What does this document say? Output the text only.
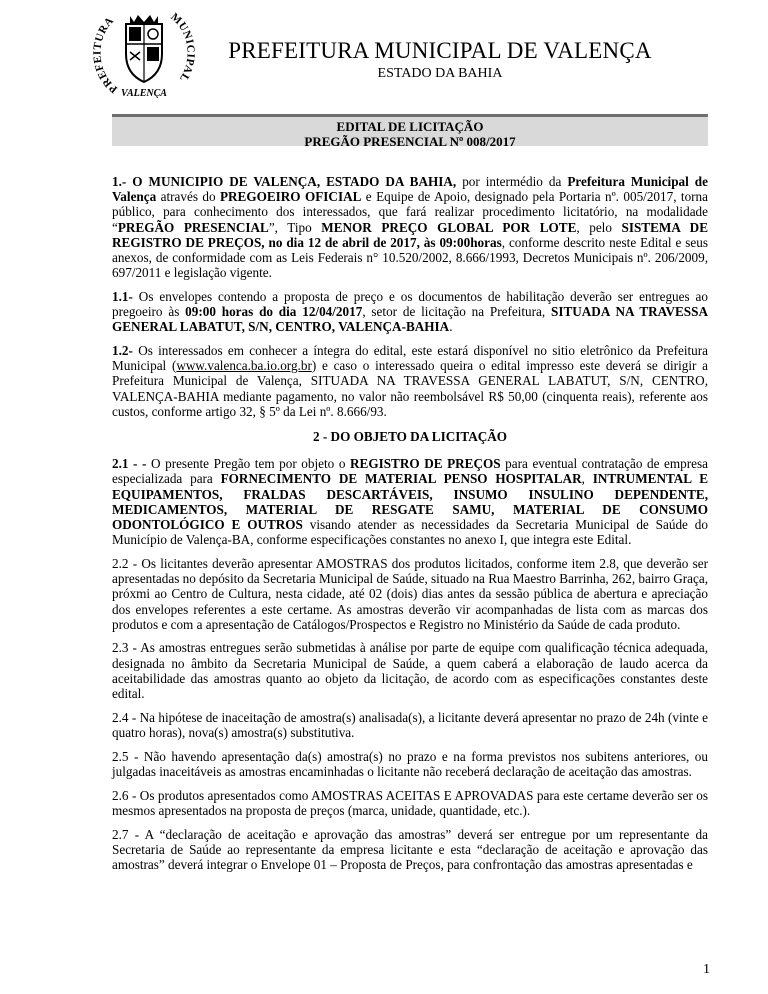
PREFEITURA	MUNICIPAL
VALENÇA
PREFEITURA MUNICIPAL DE VALENÇA
ESTADO DA BAHIA
EDITAL DE LICITAÇÃO
PREGÃO PRESENCIAL Nº 008/2017

1.- O MUNICIPIO DE VALENÇA, ESTADO DA BAHIA, por intermédio da Prefeitura Municipal de Valença através do PREGOEIRO OFICIAL e Equipe de Apoio, designado pela Portaria nº. 005/2017, torna público, para conhecimento dos interessados, que fará realizar procedimento licitatório, na modalidade “PREGÃO PRESENCIAL”, Tipo MENOR PREÇO GLOBAL POR LOTE, pelo SISTEMA DE REGISTRO DE PREÇOS, no dia 12 de abril de 2017, às 09:00horas, conforme descrito neste Edital e seus anexos, de conformidade com as Leis Federais n° 10.520/2002, 8.666/1993, Decretos Municipais nº. 206/2009, 697/2011 e legislação vigente.

1.1- Os envelopes contendo a proposta de preço e os documentos de habilitação deverão ser entregues ao pregoeiro às 09:00 horas do dia 12/04/2017, setor de licitação na Prefeitura, SITUADA NA TRAVESSA GENERAL LABATUT, S/N, CENTRO, VALENÇA-BAHIA.

1.2- Os interessados em conhecer a íntegra do edital, este estará disponível no sitio eletrônico da Prefeitura Municipal (www.valenca.ba.io.org.br) e caso o interessado queira o edital impresso este deverá se dirigir a Prefeitura Municipal de Valença, SITUADA NA TRAVESSA GENERAL LABATUT, S/N, CENTRO, VALENÇA-BAHIA mediante pagamento, no valor não reembolsável R$ 50,00 (cinquenta reais), referente aos custos, conforme artigo 32, § 5º da Lei nº. 8.666/93.

2 - DO OBJETO DA LICITAÇÃO

2.1 - - O presente Pregão tem por objeto o REGISTRO DE PREÇOS para eventual contratação de empresa especializada para FORNECIMENTO DE MATERIAL PENSO HOSPITALAR, INTRUMENTAL E EQUIPAMENTOS, FRALDAS DESCARTÁVEIS, INSUMO INSULINO DEPENDENTE, MEDICAMENTOS, MATERIAL DE RESGATE SAMU, MATERIAL DE CONSUMO ODONTOLÓGICO E OUTROS visando atender as necessidades da Secretaria Municipal de Saúde do Município de Valença-BA, conforme especificações constantes no anexo I, que integra este Edital.

2.2 - Os licitantes deverão apresentar AMOSTRAS dos produtos licitados, conforme item 2.8, que deverão ser apresentadas no depósito da Secretaria Municipal de Saúde, situado na Rua Maestro Barrinha, 262, bairro Graça, próxmi ao Centro de Cultura, nesta cidade, até 02 (dois) dias antes da sessão pública de abertura e apreciação dos envelopes referentes a este certame. As amostras deverão vir acompanhadas de lista com as marcas dos produtos e com a apresentação de Catálogos/Prospectos e Registro no Ministério da Saúde de cada produto.

2.3 - As amostras entregues serão submetidas à análise por parte de equipe com qualificação técnica adequada, designada no âmbito da Secretaria Municipal de Saúde, a quem caberá a elaboração de laudo acerca da aceitabilidade das amostras quanto ao objeto da licitação, de acordo com as especificações constantes deste edital.

2.4 - Na hipótese de inaceitação de amostra(s) analisada(s), a licitante deverá apresentar no prazo de 24h (vinte e quatro horas), nova(s) amostra(s) substitutiva.

2.5 - Não havendo apresentação da(s) amostra(s) no prazo e na forma previstos nos subitens anteriores, ou julgadas inaceitáveis as amostras encaminhadas o licitante não receberá declaração de aceitação das amostras.

2.6 - Os produtos apresentados como AMOSTRAS ACEITAS E APROVADAS para este certame deverão ser os mesmos apresentados na proposta de preços (marca, unidade, quantidade, etc.).

2.7 - A “declaração de aceitação e aprovação das amostras” deverá ser entregue por um representante da Secretaria de Saúde ao representante da empresa licitante e esta “declaração de aceitação e aprovação das amostras” deverá integrar o Envelope 01 – Proposta de Preços, para confrontação das amostras apresentadas e

1
